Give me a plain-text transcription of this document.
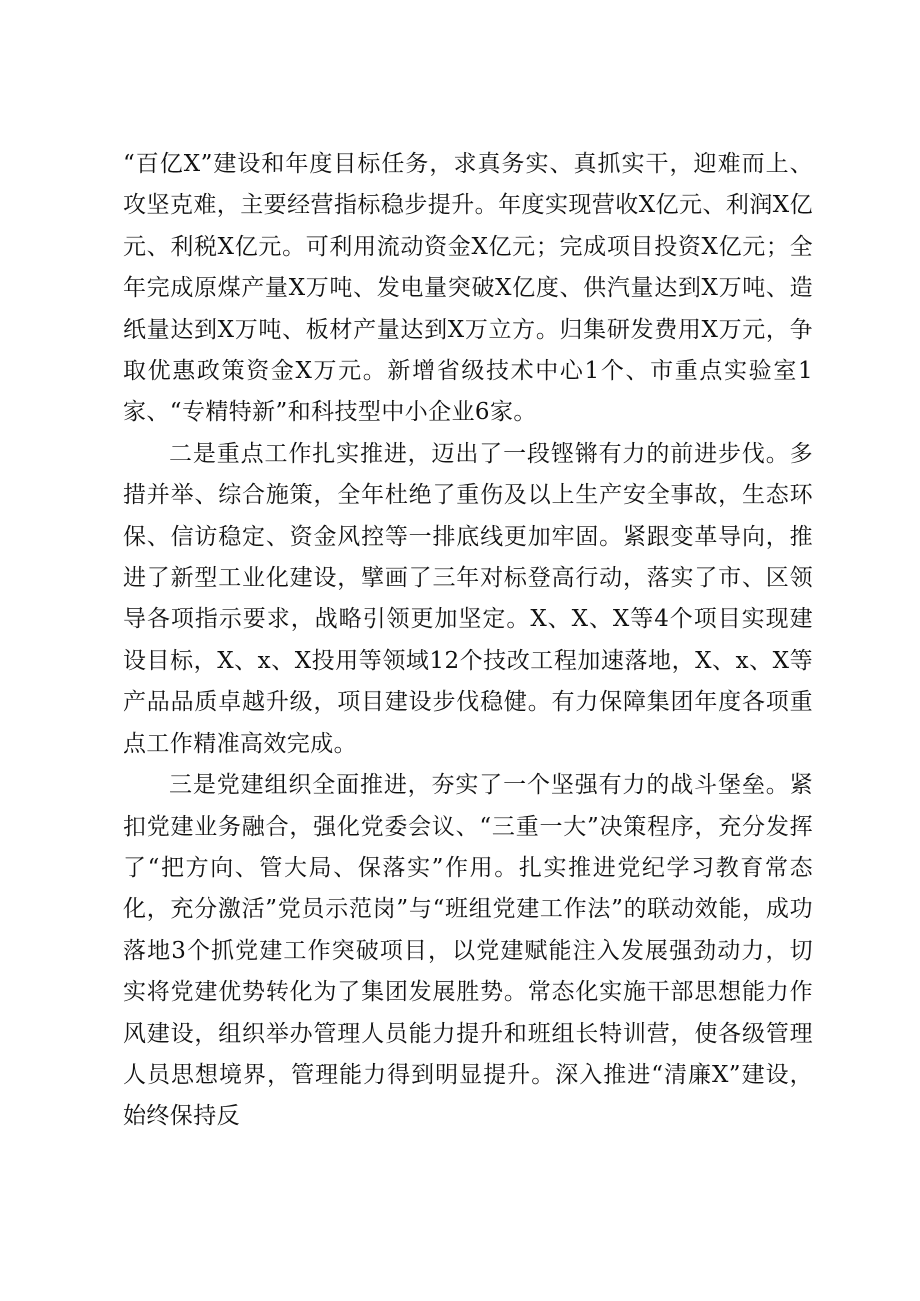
“百亿X”建设和年度目标任务，求真务实、真抓实干，迎难而上、攻坚克难，主要经营指标稳步提升。年度实现营收X亿元、利润X亿元、利税X亿元。可利用流动资金X亿元；完成项目投资X亿元；全年完成原煤产量X万吨、发电量突破X亿度、供汽量达到X万吨、造纸量达到X万吨、板材产量达到X万立方。归集研发费用X万元，争取优惠政策资金X万元。新增省级技术中心1个、市重点实验室1家、“专精特新”和科技型中小企业6家。

二是重点工作扎实推进，迈出了一段铿锵有力的前进步伐。多措并举、综合施策，全年杜绝了重伤及以上生产安全事故，生态环保、信访稳定、资金风控等一排底线更加牢固。紧跟变革导向，推进了新型工业化建设，擘画了三年对标登高行动，落实了市、区领导各项指示要求，战略引领更加坚定。X、X、X等4个项目实现建设目标，X、x、X投用等领域12个技改工程加速落地，X、x、X等产品品质卓越升级，项目建设步伐稳健。有力保障集团年度各项重点工作精准高效完成。

三是党建组织全面推进，夯实了一个坚强有力的战斗堡垒。紧扣党建业务融合，强化党委会议、“三重一大”决策程序，充分发挥了“把方向、管大局、保落实”作用。扎实推进党纪学习教育常态化，充分激活”党员示范岗”与“班组党建工作法”的联动效能，成功落地3个抓党建工作突破项目，以党建赋能注入发展强劲动力，切实将党建优势转化为了集团发展胜势。常态化实施干部思想能力作风建设，组织举办管理人员能力提升和班组长特训营，使各级管理人员思想境界，管理能力得到明显提升。深入推进“清廉X”建设，始终保持反
